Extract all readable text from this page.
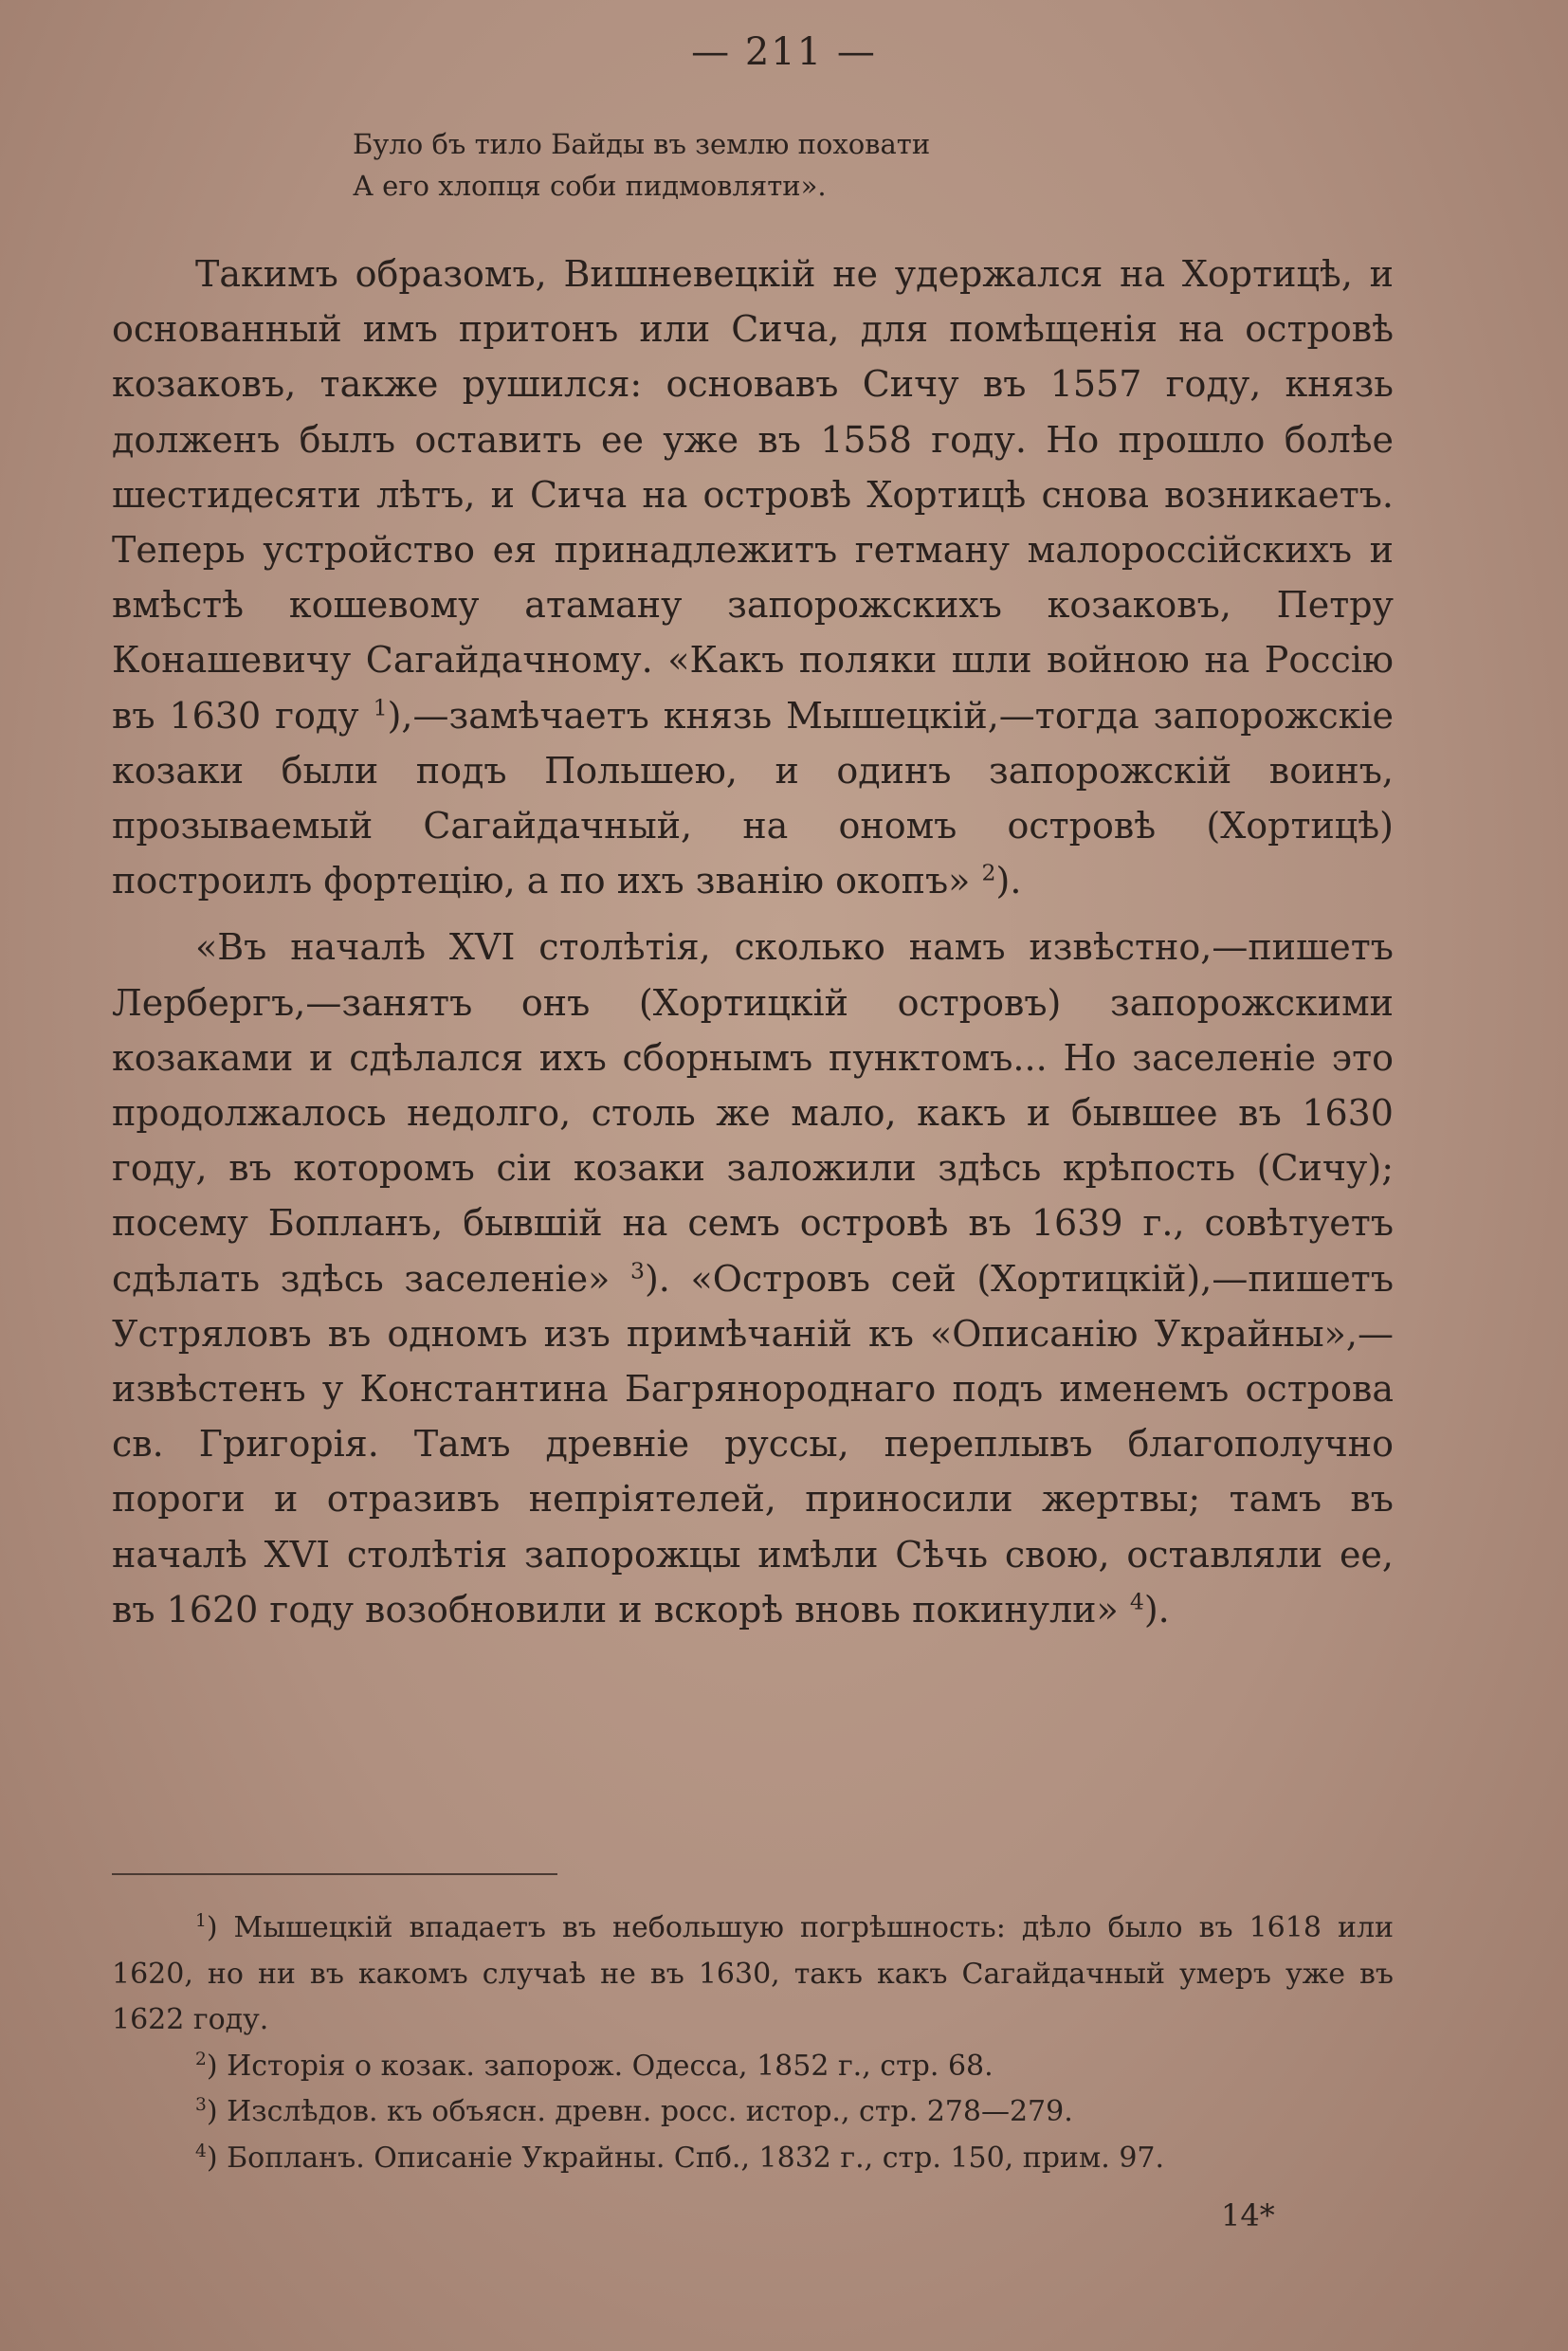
— 211 —
Було бъ тило Байды въ землю поховати
А его хлопця соби пидмовляти».

Такимъ образомъ, Вишневецкій не удержался на Хортицѣ, и основанный имъ притонъ или Сича, для помѣщенія на островѣ козаковъ, также рушился: основавъ Сичу въ 1557 году, князь долженъ былъ оставить ее уже въ 1558 году. Но прошло болѣе шестидесяти лѣтъ, и Сича на островѣ Хортицѣ снова возникаетъ. Теперь устройство ея принадлежитъ гетману малороссійскихъ и вмѣстѣ кошевому атаману запорожскихъ козаковъ, Петру Конашевичу Сагайдачному. «Какъ поляки шли войною на Россію въ 1630 году $^1$),—замѣчаетъ князь Мышецкій,—тогда запорожскіе козаки были подъ Польшею, и одинъ запорожскій воинъ, прозываемый Сагайдачный, на ономъ островѣ (Хортицѣ) построилъ фортецію, а по ихъ званію окопъ» $^2$).

«Въ началѣ XVI столѣтія, сколько намъ извѣстно,—пишетъ Лербергъ,—занятъ онъ (Хортицкій островъ) запорожскими козаками и сдѣлался ихъ сборнымъ пунктомъ... Но заселеніе это продолжалось недолго, столь же мало, какъ и бывшее въ 1630 году, въ которомъ сіи козаки заложили здѣсь крѣпость (Сичу); посему Бопланъ, бывшій на семъ островѣ въ 1639 г., совѣтуетъ сдѣлать здѣсь заселеніе» $^3$). «Островъ сей (Хортицкій),—пишетъ Устряловъ въ одномъ изъ примѣчаній къ «Описанію Украйны»,—извѣстенъ у Константина Багрянороднаго подъ именемъ острова св. Григорія. Тамъ древніе руссы, переплывъ благополучно пороги и отразивъ непріятелей, приносили жертвы; тамъ въ началѣ XVI столѣтія запорожцы имѣли Сѣчь свою, оставляли ее, въ 1620 году возобновили и вскорѣ вновь покинули» $^4$).

$^1$) Мышецкій впадаетъ въ небольшую погрѣшность: дѣло было въ 1618 или 1620, но ни въ какомъ случаѣ не въ 1630, такъ какъ Сагайдачный умеръ уже въ 1622 году.

$^2$) Исторія о козак. запорож. Одесса, 1852 г., стр. 68.

$^3$) Изслѣдов. къ объясн. древн. росс. истор., стр. 278—279.

$^4$) Бопланъ. Описаніе Украйны. Спб., 1832 г., стр. 150, прим. 97.

14*
